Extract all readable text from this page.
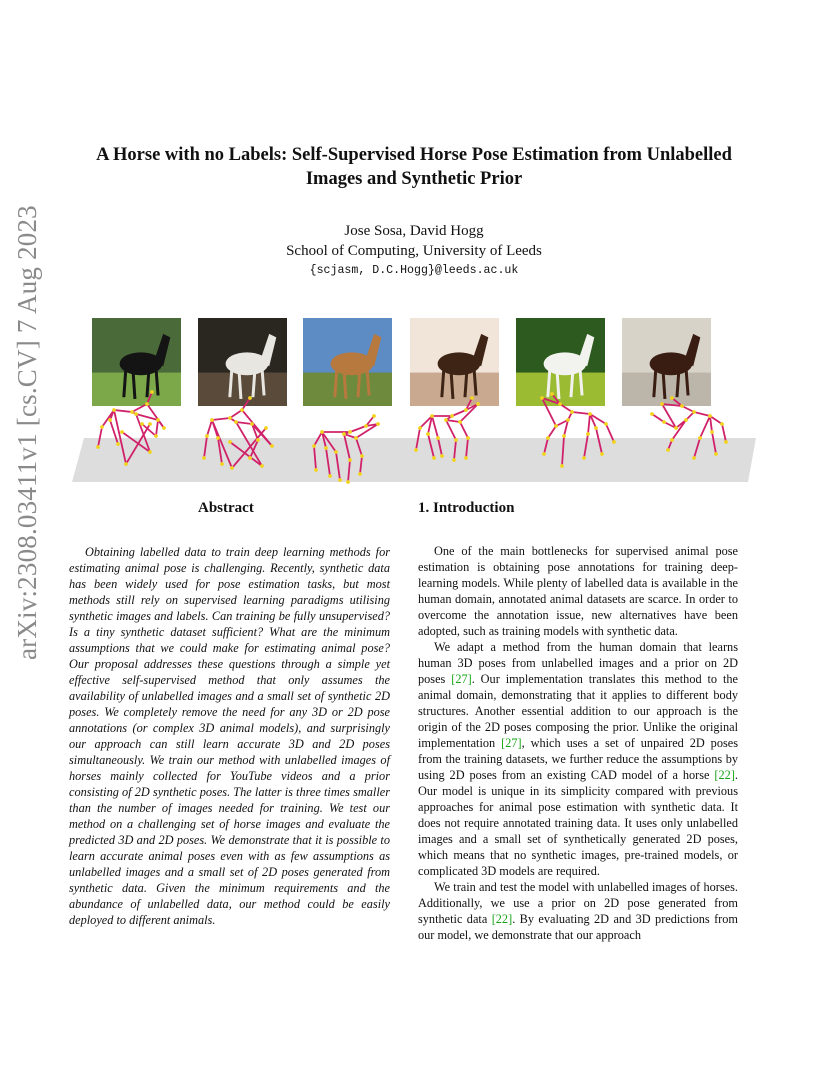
arXiv:2308.03411v1 [cs.CV] 7 Aug 2023
A Horse with no Labels: Self-Supervised Horse Pose Estimation from Unlabelled
Images and Synthetic Prior
Jose Sosa, David Hogg
School of Computing, University of Leeds
{scjasm, D.C.Hogg}@leeds.ac.uk
Abstract
Obtaining labelled data to train deep learning methods for estimating animal pose is challenging. Recently, synthetic data has been widely used for pose estimation tasks, but most methods still rely on supervised learning paradigms utilising synthetic images and labels. Can training be fully unsupervised? Is a tiny synthetic dataset sufficient? What are the minimum assumptions that we could make for estimating animal pose? Our proposal addresses these questions through a simple yet effective self-supervised method that only assumes the availability of unlabelled images and a small set of synthetic 2D poses. We completely remove the need for any 3D or 2D pose annotations (or complex 3D animal models), and surprisingly our approach can still learn accurate 3D and 2D poses simultaneously. We train our method with unlabelled images of horses mainly collected for YouTube videos and a prior consisting of 2D synthetic poses. The latter is three times smaller than the number of images needed for training. We test our method on a challenging set of horse images and evaluate the predicted 3D and 2D poses. We demonstrate that it is possible to learn accurate animal poses even with as few assumptions as unlabelled images and a small set of 2D poses generated from synthetic data. Given the minimum requirements and the abundance of unlabelled data, our method could be easily deployed to different animals.
1. Introduction

One of the main bottlenecks for supervised animal pose estimation is obtaining pose annotations for training deep-learning models. While plenty of labelled data is available in the human domain, annotated animal datasets are scarce. In order to overcome the annotation issue, new alternatives have been adopted, such as training models with synthetic data.

We adapt a method from the human domain that learns human 3D poses from unlabelled images and a prior on 2D poses [27]. Our implementation translates this method to the animal domain, demonstrating that it applies to different body structures. Another essential addition to our approach is the origin of the 2D poses composing the prior. Unlike the original implementation [27], which uses a set of unpaired 2D poses from the training datasets, we further reduce the assumptions by using 2D poses from an existing CAD model of a horse [22]. Our model is unique in its simplicity compared with previous approaches for animal pose estimation with synthetic data. It does not require annotated training data. It uses only unlabelled images and a small set of synthetically generated 2D poses, which means that no synthetic images, pre-trained models, or complicated 3D models are required.

We train and test the model with unlabelled images of horses. Additionally, we use a prior on 2D pose generated from synthetic data [22]. By evaluating 2D and 3D predictions from our model, we demonstrate that our approach
